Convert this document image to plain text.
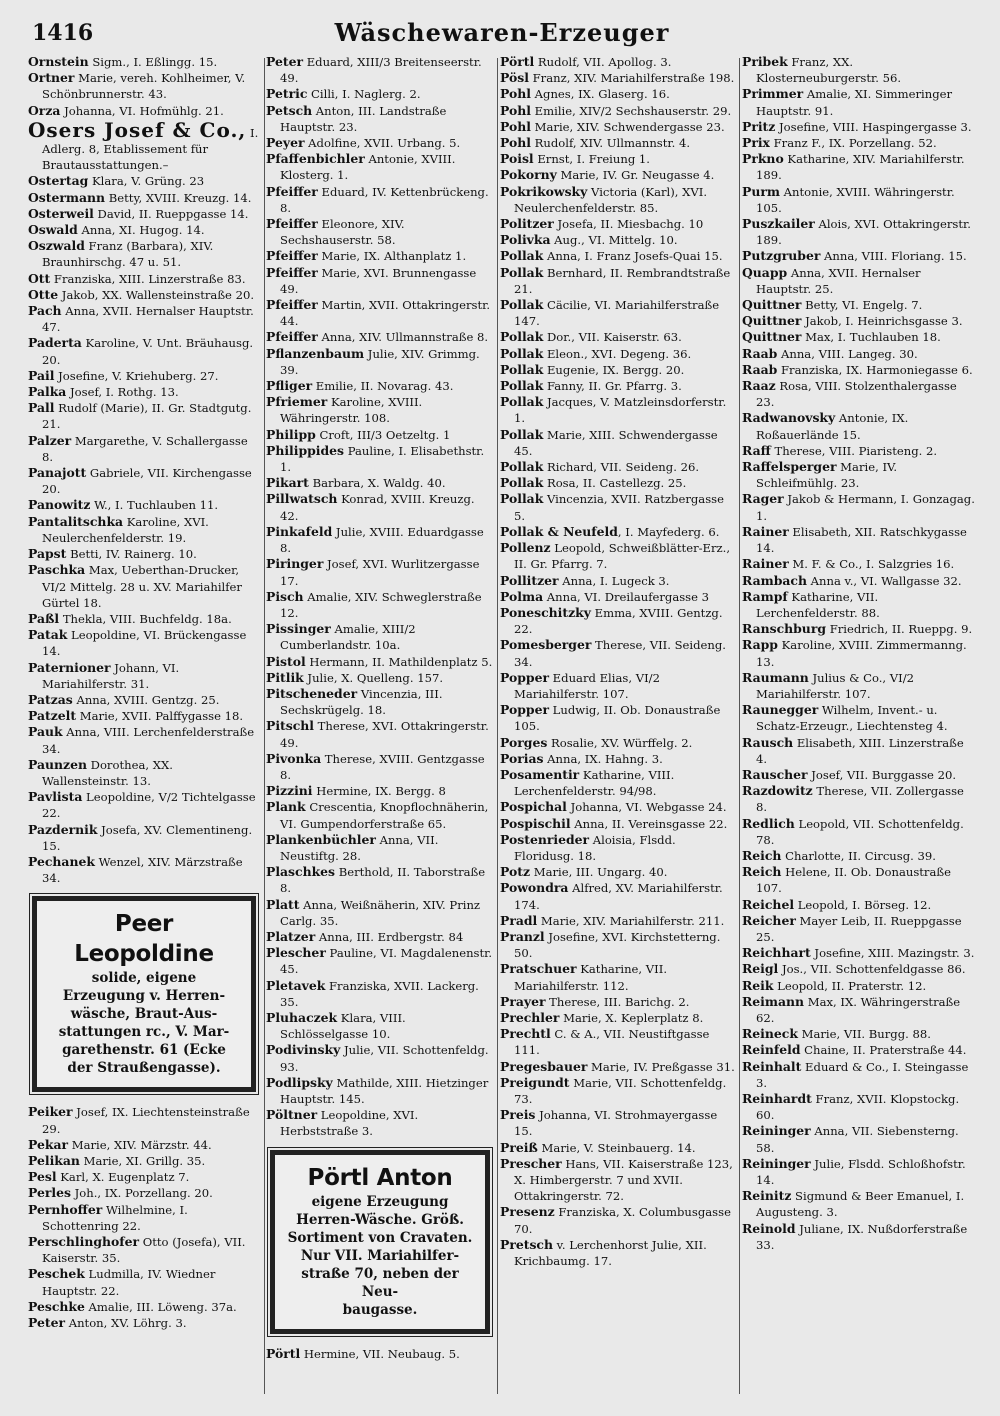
1416	Wäschewaren-Erzeuger
Ornstein Sigm., I. Eßlingg. 15.
Ortner Marie, vereh. Kohlheimer, V. Schönbrunnerstr. 43.
Orza Johanna, VI. Hofmühlg. 21.
Osers Josef & Co., I. Adlerg. 8, Etablissement für Brautausstattungen.–
Ostertag Klara, V. Grüng. 23
Ostermann Betty, XVIII. Kreuzg. 14.
Osterweil David, II. Rueppgasse 14.
Oswald Anna, XI. Hugog. 14.
Oszwald Franz (Barbara), XIV. Braunhirschg. 47 u. 51.
Ott Franziska, XIII. Linzerstraße 83.
Otte Jakob, XX. Wallensteinstraße 20.
Pach Anna, XVII. Hernalser Hauptstr. 47.
Paderta Karoline, V. Unt. Bräuhausg. 20.
Pail Josefine, V. Kriehuberg. 27.
Palka Josef, I. Rothg. 13.
Pall Rudolf (Marie), II. Gr. Stadtgutg. 21.
Palzer Margarethe, V. Schallergasse 8.
Panajott Gabriele, VII. Kirchengasse 20.
Panowitz W., I. Tuchlauben 11.
Pantalitschka Karoline, XVI. Neulerchenfelderstr. 19.
Papst Betti, IV. Rainerg. 10.
Paschka Max, Ueberthan-Drucker, VI/2 Mittelg. 28 u. XV. Mariahilfer Gürtel 18.
Paßl Thekla, VIII. Buchfeldg. 18a.
Patak Leopoldine, VI. Brückengasse 14.
Paternioner Johann, VI. Mariahilferstr. 31.
Patzas Anna, XVIII. Gentzg. 25.
Patzelt Marie, XVII. Palffygasse 18.
Pauk Anna, VIII. Lerchenfelderstraße 34.
Paunzen Dorothea, XX. Wallensteinstr. 13.
Pavlista Leopoldine, V/2 Tichtelgasse 22.
Pazdernik Josefa, XV. Clementineng. 15.
Pechanek Wenzel, XIV. Märzstraße 34.
Peer Leopoldine
solide, eigene
Erzeugung v. Herren-
wäsche, Braut-Aus-
stattungen rc., V. Mar-
garethenstr. 61 (Ecke
der Straußengasse).
Peiker Josef, IX. Liechtensteinstraße 29.
Pekar Marie, XIV. Märzstr. 44.
Pelikan Marie, XI. Grillg. 35.
Pesl Karl, X. Eugenplatz 7.
Perles Joh., IX. Porzellang. 20.
Pernhoffer Wilhelmine, I. Schottenring 22.
Perschlinghofer Otto (Josefa), VII. Kaiserstr. 35.
Peschek Ludmilla, IV. Wiedner Hauptstr. 22.
Peschke Amalie, III. Löweng. 37a.
Peter Anton, XV. Löhrg. 3.
Peter Eduard, XIII/3 Breitenseerstr. 49.
Petric Cilli, I. Naglerg. 2.
Petsch Anton, III. Landstraße Hauptstr. 23.
Peyer Adolfine, XVII. Urbang. 5.
Pfaffenbichler Antonie, XVIII. Klosterg. 1.
Pfeiffer Eduard, IV. Kettenbrückeng. 8.
Pfeiffer Eleonore, XIV. Sechshauserstr. 58.
Pfeiffer Marie, IX. Althanplatz 1.
Pfeiffer Marie, XVI. Brunnengasse 49.
Pfeiffer Martin, XVII. Ottakringerstr. 44.
Pfeiffer Anna, XIV. Ullmannstraße 8.
Pflanzenbaum Julie, XIV. Grimmg. 39.
Pfliger Emilie, II. Novarag. 43.
Pfriemer Karoline, XVIII. Währingerstr. 108.
Philipp Croft, III/3 Oetzeltg. 1
Philippides Pauline, I. Elisabethstr. 1.
Pikart Barbara, X. Waldg. 40.
Pillwatsch Konrad, XVIII. Kreuzg. 42.
Pinkafeld Julie, XVIII. Eduardgasse 8.
Piringer Josef, XVI. Wurlitzergasse 17.
Pisch Amalie, XIV. Schweglerstraße 12.
Pissinger Amalie, XIII/2 Cumberlandstr. 10a.
Pistol Hermann, II. Mathildenplatz 5.
Pitlik Julie, X. Quelleng. 157.
Pitscheneder Vincenzia, III. Sechskrügelg. 18.
Pitschl Therese, XVI. Ottakringerstr. 49.
Pivonka Therese, XVIII. Gentzgasse 8.
Pizzini Hermine, IX. Bergg. 8
Plank Crescentia, Knopflochnäherin, VI. Gumpendorferstraße 65.
Plankenbüchler Anna, VII. Neustiftg. 28.
Plaschkes Berthold, II. Taborstraße 8.
Platt Anna, Weißnäherin, XIV. Prinz Carlg. 35.
Platzer Anna, III. Erdbergstr. 84
Plescher Pauline, VI. Magdalenenstr. 45.
Pletavek Franziska, XVII. Lackerg. 35.
Pluhaczek Klara, VIII. Schlösselgasse 10.
Podivinsky Julie, VII. Schottenfeldg. 93.
Podlipsky Mathilde, XIII. Hietzinger Hauptstr. 145.
Pöltner Leopoldine, XVI. Herbststraße 3.
Pörtl Anton
eigene Erzeugung
Herren-Wäsche. Größ.
Sortiment von Cravaten.
Nur VII. Mariahilfer-
straße 70, neben der Neu-
baugasse.
Pörtl Hermine, VII. Neubaug. 5.
Pörtl Rudolf, VII. Apollog. 3.
Pösl Franz, XIV. Mariahilferstraße 198.
Pohl Agnes, IX. Glaserg. 16.
Pohl Emilie, XIV/2 Sechshauserstr. 29.
Pohl Marie, XIV. Schwendergasse 23.
Pohl Rudolf, XIV. Ullmannstr. 4.
Poisl Ernst, I. Freiung 1.
Pokorny Marie, IV. Gr. Neugasse 4.
Pokrikowsky Victoria (Karl), XVI. Neulerchenfelderstr. 85.
Politzer Josefa, II. Miesbachg. 10
Polivka Aug., VI. Mittelg. 10.
Pollak Anna, I. Franz Josefs-Quai 15.
Pollak Bernhard, II. Rembrandtstraße 21.
Pollak Cäcilie, VI. Mariahilferstraße 147.
Pollak Dor., VII. Kaiserstr. 63.
Pollak Eleon., XVI. Degeng. 36.
Pollak Eugenie, IX. Bergg. 20.
Pollak Fanny, II. Gr. Pfarrg. 3.
Pollak Jacques, V. Matzleinsdorferstr. 1.
Pollak Marie, XIII. Schwendergasse 45.
Pollak Richard, VII. Seideng. 26.
Pollak Rosa, II. Castellezg. 25.
Pollak Vincenzia, XVII. Ratzbergasse 5.
Pollak & Neufeld, I. Mayfederg. 6.
Pollenz Leopold, Schweißblätter-Erz., II. Gr. Pfarrg. 7.
Pollitzer Anna, I. Lugeck 3.
Polma Anna, VI. Dreilaufergasse 3
Poneschitzky Emma, XVIII. Gentzg. 22.
Pomesberger Therese, VII. Seideng. 34.
Popper Eduard Elias, VI/2 Mariahilferstr. 107.
Popper Ludwig, II. Ob. Donaustraße 105.
Porges Rosalie, XV. Würffelg. 2.
Porias Anna, IX. Hahng. 3.
Posamentir Katharine, VIII. Lerchenfelderstr. 94/98.
Pospichal Johanna, VI. Webgasse 24.
Pospischil Anna, II. Vereinsgasse 22.
Postenrieder Aloisia, Flsdd. Floridusg. 18.
Potz Marie, III. Ungarg. 40.
Powondra Alfred, XV. Mariahilferstr. 174.
Pradl Marie, XIV. Mariahilferstr. 211.
Pranzl Josefine, XVI. Kirchstetterng. 50.
Pratschuer Katharine, VII. Mariahilferstr. 112.
Prayer Therese, III. Barichg. 2.
Prechler Marie, X. Keplerplatz 8.
Prechtl C. & A., VII. Neustiftgasse 111.
Pregesbauer Marie, IV. Preßgasse 31.
Preigundt Marie, VII. Schottenfeldg. 73.
Preis Johanna, VI. Strohmayergasse 15.
Preiß Marie, V. Steinbauerg. 14.
Prescher Hans, VII. Kaiserstraße 123, X. Himbergerstr. 7 und XVII. Ottakringerstr. 72.
Presenz Franziska, X. Columbusgasse 70.
Pretsch v. Lerchenhorst Julie, XII. Krichbaumg. 17.
Pribek Franz, XX. Klosterneuburgerstr. 56.
Primmer Amalie, XI. Simmeringer Hauptstr. 91.
Pritz Josefine, VIII. Haspingergasse 3.
Prix Franz F., IX. Porzellang. 52.
Prkno Katharine, XIV. Mariahilferstr. 189.
Purm Antonie, XVIII. Währingerstr. 105.
Puszkailer Alois, XVI. Ottakringerstr. 189.
Putzgruber Anna, VIII. Floriang. 15.
Quapp Anna, XVII. Hernalser Hauptstr. 25.
Quittner Betty, VI. Engelg. 7.
Quittner Jakob, I. Heinrichsgasse 3.
Quittner Max, I. Tuchlauben 18.
Raab Anna, VIII. Langeg. 30.
Raab Franziska, IX. Harmoniegasse 6.
Raaz Rosa, VIII. Stolzenthalergasse 23.
Radwanovsky Antonie, IX. Roßauerlände 15.
Raff Therese, VIII. Piaristeng. 2.
Raffelsperger Marie, IV. Schleifmühlg. 23.
Rager Jakob & Hermann, I. Gonzagag. 1.
Rainer Elisabeth, XII. Ratschkygasse 14.
Rainer M. F. & Co., I. Salzgries 16.
Rambach Anna v., VI. Wallgasse 32.
Rampf Katharine, VII. Lerchenfelderstr. 88.
Ranschburg Friedrich, II. Rueppg. 9.
Rapp Karoline, XVIII. Zimmermanng. 13.
Raumann Julius & Co., VI/2 Mariahilferstr. 107.
Raunegger Wilhelm, Invent.- u. Schatz-Erzeugr., Liechtensteg 4.
Rausch Elisabeth, XIII. Linzerstraße 4.
Rauscher Josef, VII. Burggasse 20.
Razdowitz Therese, VII. Zollergasse 8.
Redlich Leopold, VII. Schottenfeldg. 78.
Reich Charlotte, II. Circusg. 39.
Reich Helene, II. Ob. Donaustraße 107.
Reichel Leopold, I. Börseg. 12.
Reicher Mayer Leib, II. Rueppgasse 25.
Reichhart Josefine, XIII. Mazingstr. 3.
Reigl Jos., VII. Schottenfeldgasse 86.
Reik Leopold, II. Praterstr. 12.
Reimann Max, IX. Währingerstraße 62.
Reineck Marie, VII. Burgg. 88.
Reinfeld Chaine, II. Praterstraße 44.
Reinhalt Eduard & Co., I. Steingasse 3.
Reinhardt Franz, XVII. Klopstockg. 60.
Reininger Anna, VII. Siebensterng. 58.
Reininger Julie, Flsdd. Schloßhofstr. 14.
Reinitz Sigmund & Beer Emanuel, I. Augusteng. 3.
Reinold Juliane, IX. Nußdorferstraße 33.
